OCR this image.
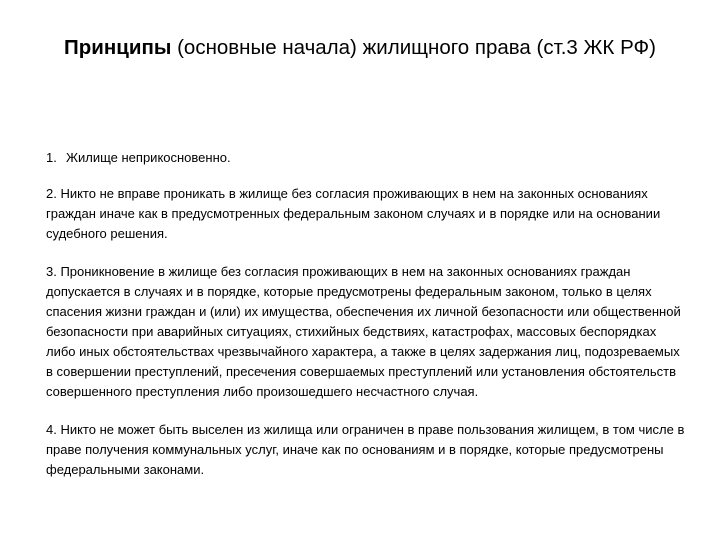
Принципы (основные начала) жилищного права (ст.3 ЖК РФ)
1. Жилище неприкосновенно.

2. Никто не вправе проникать в жилище без согласия проживающих в нем на законных основаниях граждан иначе как в предусмотренных федеральным законом случаях и в порядке или на основании судебного решения.

3. Проникновение в жилище без согласия проживающих в нем на законных основаниях граждан допускается в случаях и в порядке, которые предусмотрены федеральным законом, только в целях спасения жизни граждан и (или) их имущества, обеспечения их личной безопасности или общественной безопасности при аварийных ситуациях, стихийных бедствиях, катастрофах, массовых беспорядках либо иных обстоятельствах чрезвычайного характера, а также в целях задержания лиц, подозреваемых в совершении преступлений, пресечения совершаемых преступлений или установления обстоятельств совершенного преступления либо произошедшего несчастного случая.

4. Никто не может быть выселен из жилища или ограничен в праве пользования жилищем, в том числе в праве получения коммунальных услуг, иначе как по основаниям и в порядке, которые предусмотрены федеральными законами.
